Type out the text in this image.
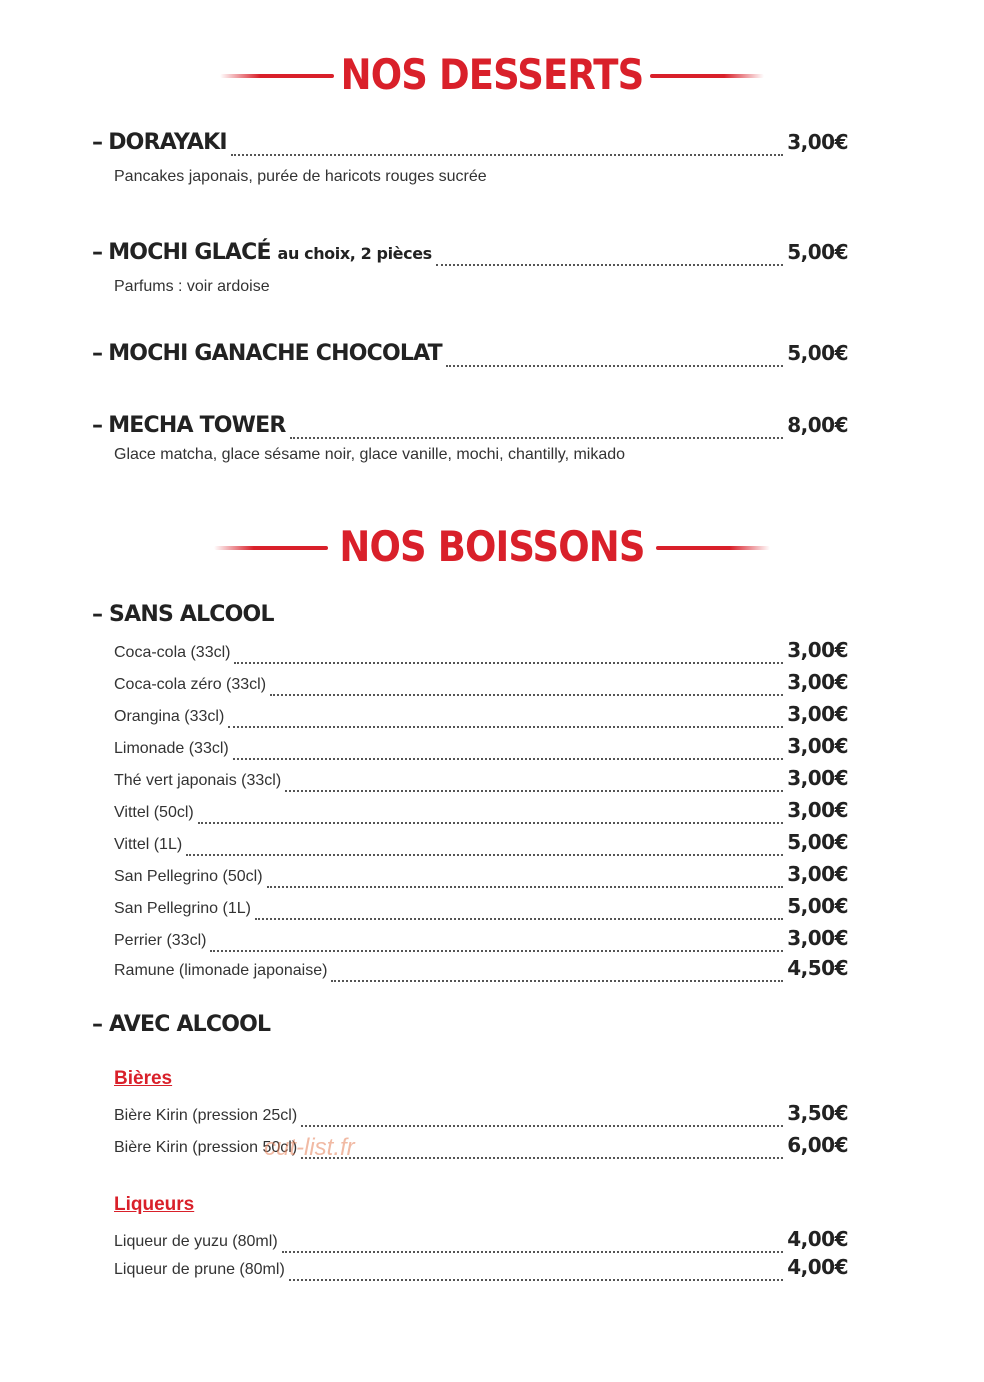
NOS DESSERTS
– DORAYAKI	3,00€
Pancakes japonais, purée de haricots rouges sucrée
– MOCHI GLACÉ au choix, 2 pièces	5,00€
Parfums : voir ardoise
– MOCHI GANACHE CHOCOLAT	5,00€
– MECHA TOWER	8,00€
Glace matcha, glace sésame noir, glace vanille, mochi, chantilly, mikado
NOS BOISSONS
– SANS ALCOOL
Coca-cola (33cl)	3,00€
Coca-cola zéro (33cl)	3,00€
Orangina (33cl)	3,00€
Limonade (33cl)	3,00€
Thé vert japonais (33cl)	3,00€
Vittel (50cl)	3,00€
Vittel (1L)	5,00€
San Pellegrino (50cl)	3,00€
San Pellegrino (1L)	5,00€
Perrier (33cl)	3,00€
Ramune (limonade japonaise)	4,50€
– AVEC ALCOOL
Bières
Bière Kirin (pression 25cl)	3,50€
Bière Kirin (pression 50cl)	6,00€
Liqueurs
Liqueur de yuzu (80ml)	4,00€
Liqueur de prune (80ml)	4,00€
cut-list.fr
